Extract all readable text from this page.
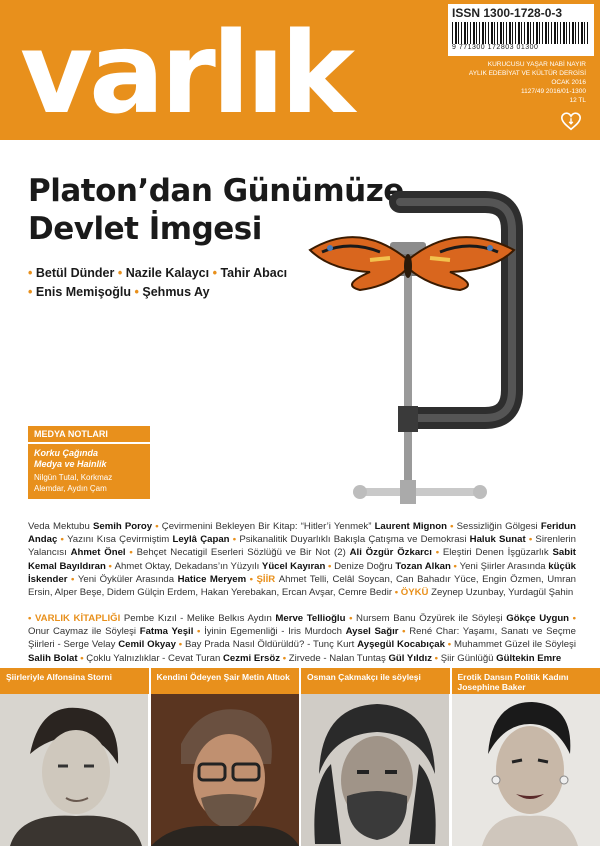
varlık	ISSN 1300-1728-0-3
9 771300 172803 01300
KURUCUSU YAŞAR NABİ NAYIR
AYLIK EDEBİYAT VE KÜLTÜR DERGİSİ
OCAK 2016
1127/49 2016/01-1300
12 TL
Platon’dan Günümüze
Devlet İmgesi
• Betül Dünder • Nazile Kalaycı • Tahir Abacı
• Enis Memişoğlu • Şehmus Ay
MEDYA NOTLARI
Korku Çağında
Medya ve Hainlik
Nilgün Tutal, Korkmaz
Alemdar, Aydın Çam
Veda Mektubu Semih Poroy • Çevirmenini Bekleyen Bir Kitap: “Hitler’i Yenmek” Laurent Mignon • Sessizliğin Gölgesi Feridun Andaç • Yazını Kısa Çevirmiştim Leylâ Çapan • Psikanalitik Duyarlıklı Bakışla Çatışma ve Demokrasi Haluk Sunat • Sirenlerin Yalancısı Ahmet Önel • Behçet Necatigil Eserleri Sözlüğü ve Bir Not (2) Ali Özgür Özkarcı • Eleştiri Denen İşgüzarlık Sabit Kemal Bayıldıran • Ahmet Oktay, Dekadans’ın Yüzyılı Yücel Kayıran • Denize Doğru Tozan Alkan • Yeni Şiirler Arasında küçük İskender • Yeni Öyküler Arasında Hatice Meryem • ŞİİR Ahmet Telli, Celâl Soycan, Can Bahadır Yüce, Engin Özmen, Umran Ersin, Alper Beşe, Didem Gülçin Erdem, Hakan Yerebakan, Ercan Avşar, Cemre Bedir • ÖYKÜ Zeynep Uzunbay, Yurdagül Şahin
• VARLIK KİTAPLIĞI Pembe Kızıl - Melike Belkıs Aydın Merve Tellioğlu • Nursem Banu Özyürek ile Söyleşi Gökçe Uygun • Onur Caymaz ile Söyleşi Fatma Yeşil • İyinin Egemenliği - Iris Murdoch Aysel Sağır • René Char: Yaşamı, Sanatı ve Seçme Şiirleri - Serge Velay Cemil Okyay • Bay Prada Nasıl Öldürüldü? - Tunç Kurt Ayşegül Kocabıçak • Muhammet Güzel ile Söyleşi Salih Bolat • Çoklu Yalnızlıklar - Cevat Turan Cezmi Ersöz • Zirvede - Nalan Tuntaş Gül Yıldız • Şiir Günlüğü Gültekin Emre
Şiirleriyle Alfonsina Storni	Kendini Ödeyen Şair Metin Altıok	Osman Çakmakçı ile söyleşi	Erotik Dansın Politik Kadını Josephine Baker
